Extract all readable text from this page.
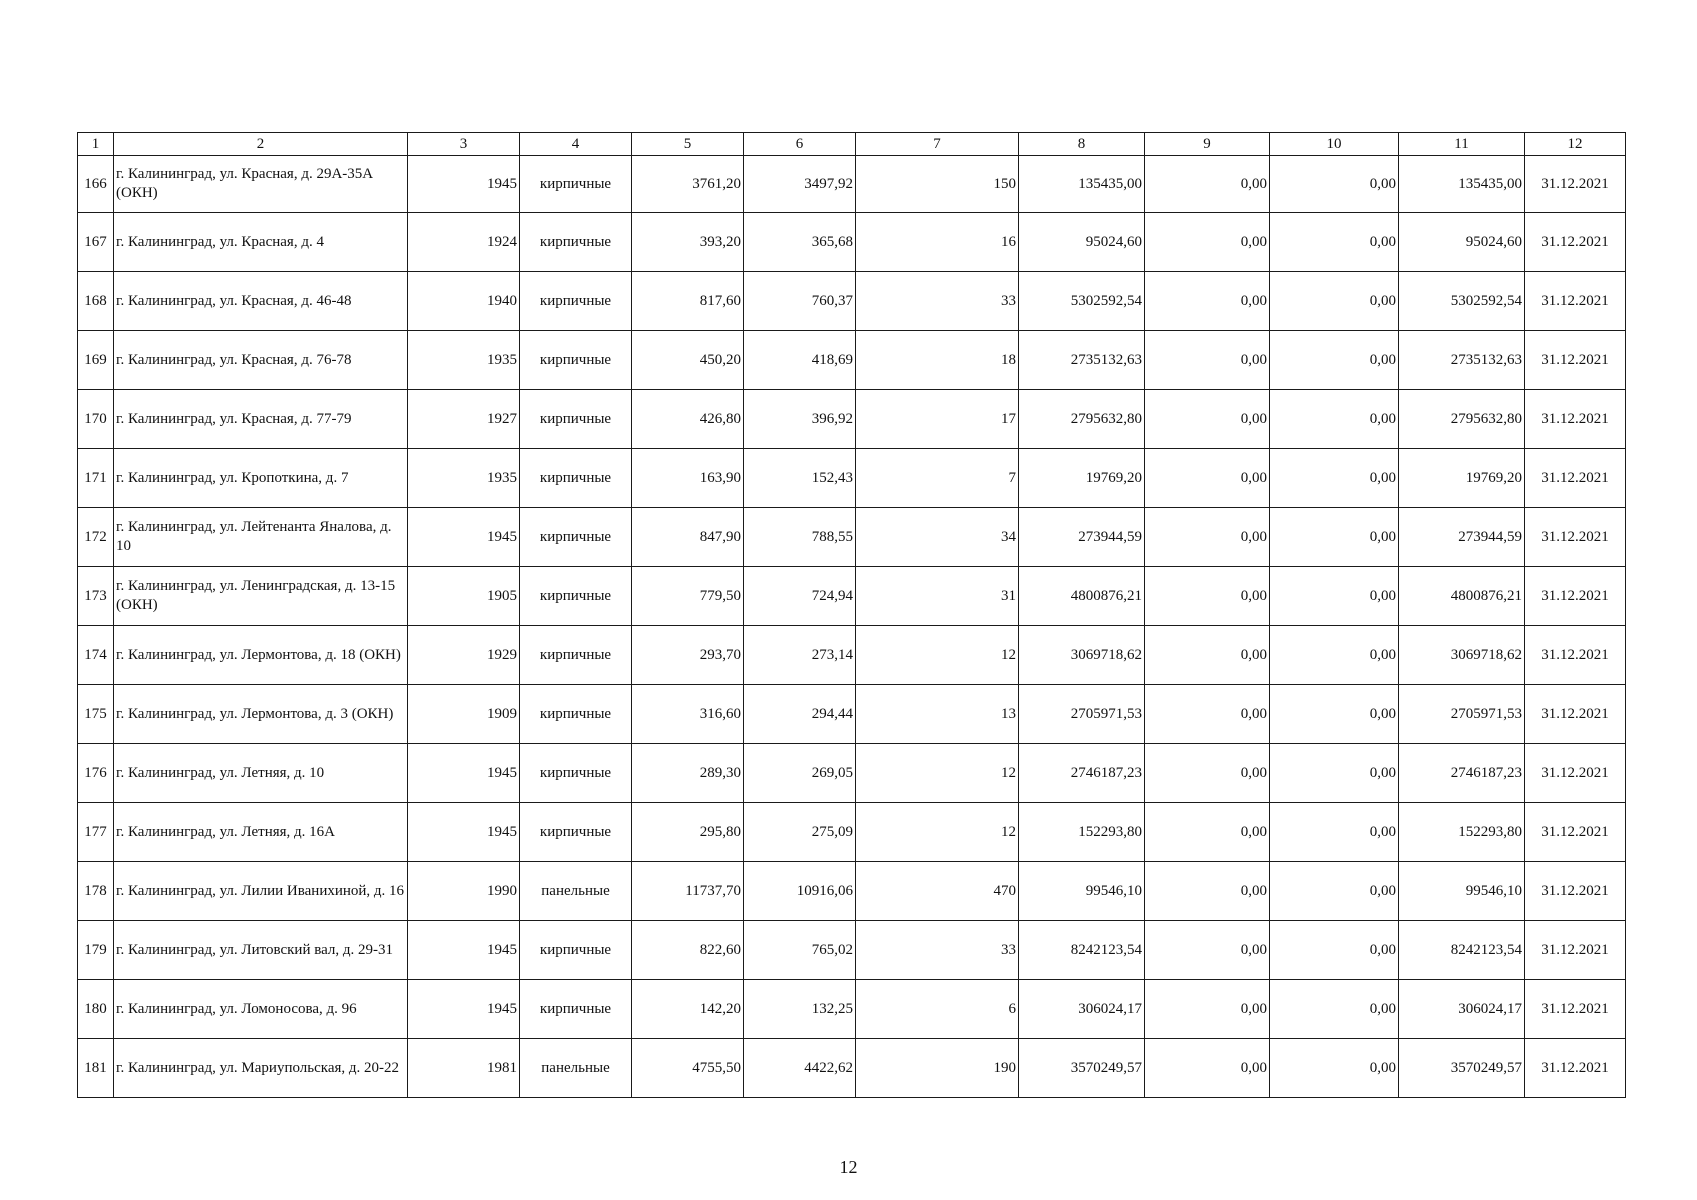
1	2	3	4	5	6	7	8	9	10	11	12
166	г. Калининград, ул. Красная, д. 29А-35А (ОКН)	1945	кирпичные	3761,20	3497,92	150	135435,00	0,00	0,00	135435,00	31.12.2021
167	г. Калининград, ул. Красная, д. 4	1924	кирпичные	393,20	365,68	16	95024,60	0,00	0,00	95024,60	31.12.2021
168	г. Калининград, ул. Красная, д. 46-48	1940	кирпичные	817,60	760,37	33	5302592,54	0,00	0,00	5302592,54	31.12.2021
169	г. Калининград, ул. Красная, д. 76-78	1935	кирпичные	450,20	418,69	18	2735132,63	0,00	0,00	2735132,63	31.12.2021
170	г. Калининград, ул. Красная, д. 77-79	1927	кирпичные	426,80	396,92	17	2795632,80	0,00	0,00	2795632,80	31.12.2021
171	г. Калининград, ул. Кропоткина, д. 7	1935	кирпичные	163,90	152,43	7	19769,20	0,00	0,00	19769,20	31.12.2021
172	г. Калининград, ул. Лейтенанта Яналова, д. 10	1945	кирпичные	847,90	788,55	34	273944,59	0,00	0,00	273944,59	31.12.2021
173	г. Калининград, ул. Ленинградская, д. 13-15 (ОКН)	1905	кирпичные	779,50	724,94	31	4800876,21	0,00	0,00	4800876,21	31.12.2021
174	г. Калининград, ул. Лермонтова, д. 18 (ОКН)	1929	кирпичные	293,70	273,14	12	3069718,62	0,00	0,00	3069718,62	31.12.2021
175	г. Калининград, ул. Лермонтова, д. 3 (ОКН)	1909	кирпичные	316,60	294,44	13	2705971,53	0,00	0,00	2705971,53	31.12.2021
176	г. Калининград, ул. Летняя, д. 10	1945	кирпичные	289,30	269,05	12	2746187,23	0,00	0,00	2746187,23	31.12.2021
177	г. Калининград, ул. Летняя, д. 16А	1945	кирпичные	295,80	275,09	12	152293,80	0,00	0,00	152293,80	31.12.2021
178	г. Калининград, ул. Лилии Иванихиной, д. 16	1990	панельные	11737,70	10916,06	470	99546,10	0,00	0,00	99546,10	31.12.2021
179	г. Калининград, ул. Литовский вал, д. 29-31	1945	кирпичные	822,60	765,02	33	8242123,54	0,00	0,00	8242123,54	31.12.2021
180	г. Калининград, ул. Ломоносова, д. 96	1945	кирпичные	142,20	132,25	6	306024,17	0,00	0,00	306024,17	31.12.2021
181	г. Калининград, ул. Мариупольская, д. 20-22	1981	панельные	4755,50	4422,62	190	3570249,57	0,00	0,00	3570249,57	31.12.2021
12
